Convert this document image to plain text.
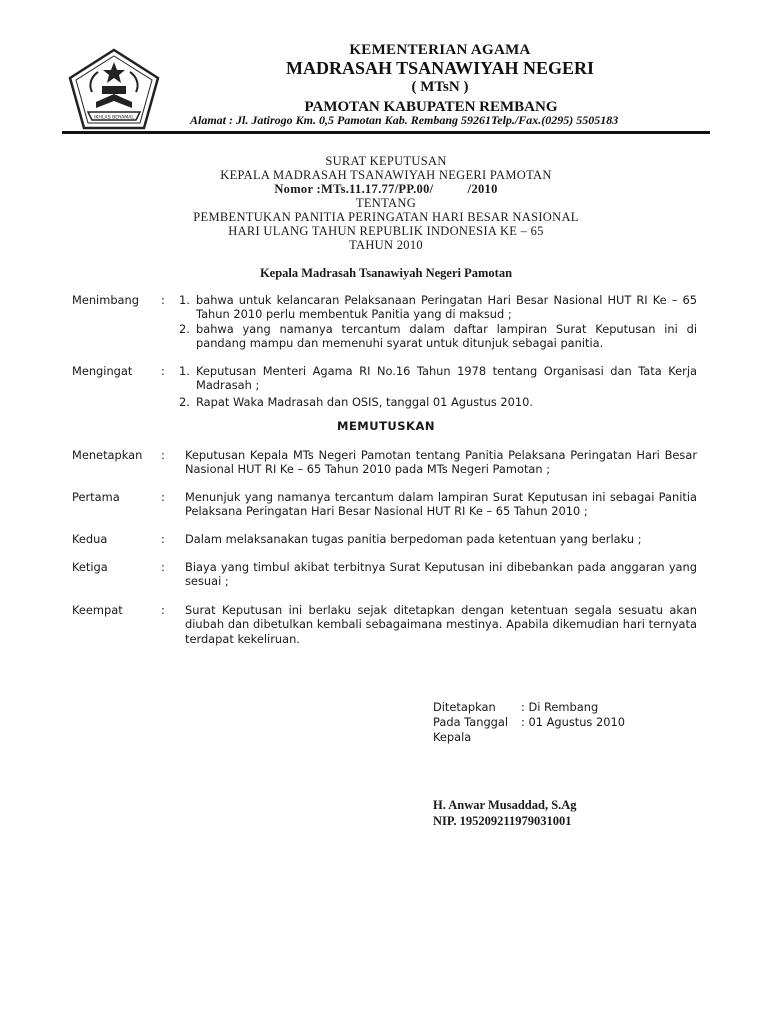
IKHLAS BERAMAL
KEMENTERIAN AGAMA
MADRASAH TSANAWIYAH NEGERI
( MTsN )
PAMOTAN KABUPATEN REMBANG
Alamat : Jl. Jatirogo Km. 0,5 Pamotan Kab. Rembang 59261Telp./Fax.(0295) 5505183
SURAT KEPUTUSAN
KEPALA MADRASAH TSANAWIYAH NEGERI PAMOTAN
Nomor :MTs.11.17.77/PP.00/          /2010
TENTANG
PEMBENTUKAN PANITIA PERINGATAN HARI BESAR NASIONAL
HARI ULANG TAHUN REPUBLIK INDONESIA KE – 65
TAHUN 2010
Kepala Madrasah Tsanawiyah Negeri Pamotan
Menimbang	: 1. bahwa untuk kelancaran Pelaksanaan Peringatan Hari Besar Nasional HUT RI Ke – 65 Tahun 2010 perlu membentuk Panitia yang di maksud ;
2. bahwa yang namanya tercantum dalam daftar lampiran Surat Keputusan ini di pandang mampu dan memenuhi syarat untuk ditunjuk sebagai panitia.
Mengingat	: 1. Keputusan Menteri Agama RI No.16 Tahun 1978 tentang Organisasi dan Tata Kerja Madrasah ;
2. Rapat Waka Madrasah dan OSIS, tanggal 01 Agustus 2010.
MEMUTUSKAN
Menetapkan	: Keputusan Kepala MTs Negeri Pamotan tentang Panitia Pelaksana Peringatan Hari Besar Nasional HUT RI Ke – 65 Tahun 2010 pada MTs Negeri Pamotan ;
Pertama	: Menunjuk yang namanya tercantum dalam lampiran Surat Keputusan ini sebagai Panitia Pelaksana Peringatan Hari Besar Nasional HUT RI Ke – 65 Tahun 2010 ;
Kedua	: Dalam melaksanakan tugas panitia berpedoman pada ketentuan yang berlaku ;
Ketiga	: Biaya yang timbul akibat terbitnya Surat Keputusan ini dibebankan pada anggaran yang sesuai ;
Keempat	: Surat Keputusan ini berlaku sejak ditetapkan dengan ketentuan segala sesuatu akan diubah dan dibetulkan kembali sebagaimana mestinya. Apabila dikemudian hari ternyata terdapat kekeliruan.
Ditetapkan : Di Rembang
Pada Tanggal : 01 Agustus 2010
Kepala
H. Anwar Musaddad, S.Ag
NIP. 195209211979031001
